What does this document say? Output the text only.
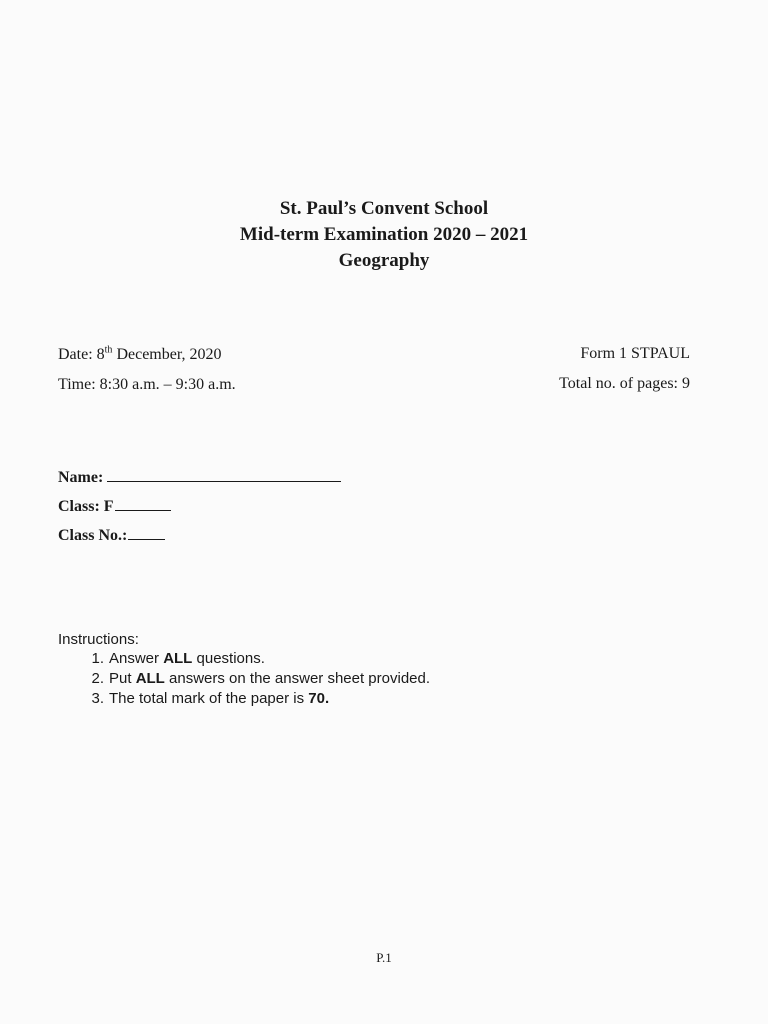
St. Paul’s Convent School
Mid-term Examination 2020 – 2021
Geography
Date: 8th December, 2020
Time: 8:30 a.m. – 9:30 a.m.
Form 1 STPAUL
Total no. of pages: 9
Name:
Class: F
Class No.:
Instructions:
1. Answer ALL questions.
2. Put ALL answers on the answer sheet provided.
3. The total mark of the paper is 70.
P.1
